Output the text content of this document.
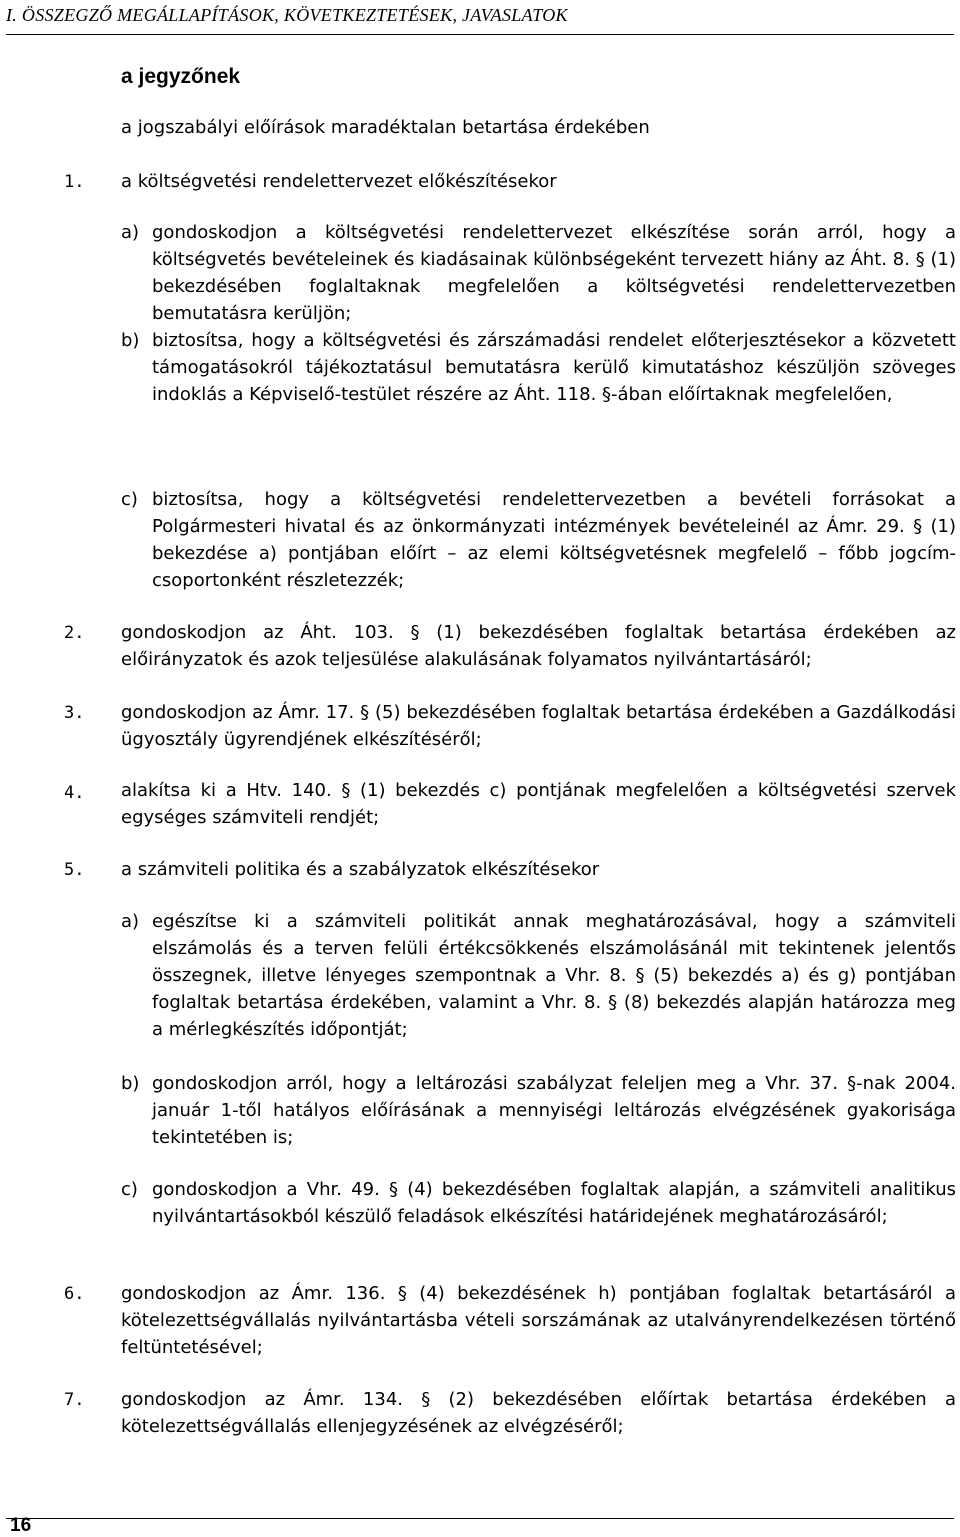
I. ÖSSZEGZŐ MEGÁLLAPÍTÁSOK, KÖVETKEZTETÉSEK, JAVASLATOK
a jegyzőnek
a jogszabályi előírások maradéktalan betartása érdekében
1. a költségvetési rendelettervezet előkészítésekor
a) gondoskodjon a költségvetési rendelettervezet elkészítése során arról, hogy a költségvetés bevételeinek és kiadásainak különbségeként tervezett hiány az Áht. 8. § (1) bekezdésében foglaltaknak megfelelően a költségvetési rendelettervezetben bemutatásra kerüljön;
b) biztosítsa, hogy a költségvetési és zárszámadási rendelet előterjesztésekor a közvetett támogatásokról tájékoztatásul bemutatásra kerülő kimutatáshoz készüljön szöveges indoklás a Képviselő-testület részére az Áht. 118. §-ában előírtaknak megfelelően,
c) biztosítsa, hogy a költségvetési rendelettervezetben a bevételi forrásokat a Polgármesteri hivatal és az önkormányzati intézmények bevételeinél az Ámr. 29. § (1) bekezdése a) pontjában előírt – az elemi költségvetésnek megfelelő – főbb jogcím-csoportonként részletezzék;
2. gondoskodjon az Áht. 103. § (1) bekezdésében foglaltak betartása érdekében az előirányzatok és azok teljesülése alakulásának folyamatos nyilvántartásáról;
3. gondoskodjon az Ámr. 17. § (5) bekezdésében foglaltak betartása érdekében a Gazdálkodási ügyosztály ügyrendjének elkészítéséről;
4. alakítsa ki a Htv. 140. § (1) bekezdés c) pontjának megfelelően a költségvetési szervek egységes számviteli rendjét;
5. a számviteli politika és a szabályzatok elkészítésekor
a) egészítse ki a számviteli politikát annak meghatározásával, hogy a számviteli elszámolás és a terven felüli értékcsökkenés elszámolásánál mit tekintenek jelentős összegnek, illetve lényeges szempontnak a Vhr. 8. § (5) bekezdés a) és g) pontjában foglaltak betartása érdekében, valamint a Vhr. 8. § (8) bekezdés alapján határozza meg a mérlegkészítés időpontját;
b) gondoskodjon arról, hogy a leltározási szabályzat feleljen meg a Vhr. 37. §-nak 2004. január 1-től hatályos előírásának a mennyiségi leltározás elvégzésének gyakorisága tekintetében is;
c) gondoskodjon a Vhr. 49. § (4) bekezdésében foglaltak alapján, a számviteli analitikus nyilvántartásokból készülő feladások elkészítési határidejének meghatározásáról;
6. gondoskodjon az Ámr. 136. § (4) bekezdésének h) pontjában foglaltak betartásáról a kötelezettségvállalás nyilvántartásba vételi sorszámának az utalványrendelkezésen történő feltüntetésével;
7. gondoskodjon az Ámr. 134. § (2) bekezdésében előírtak betartása érdekében a kötelezettségvállalás ellenjegyzésének az elvégzéséről;
16
